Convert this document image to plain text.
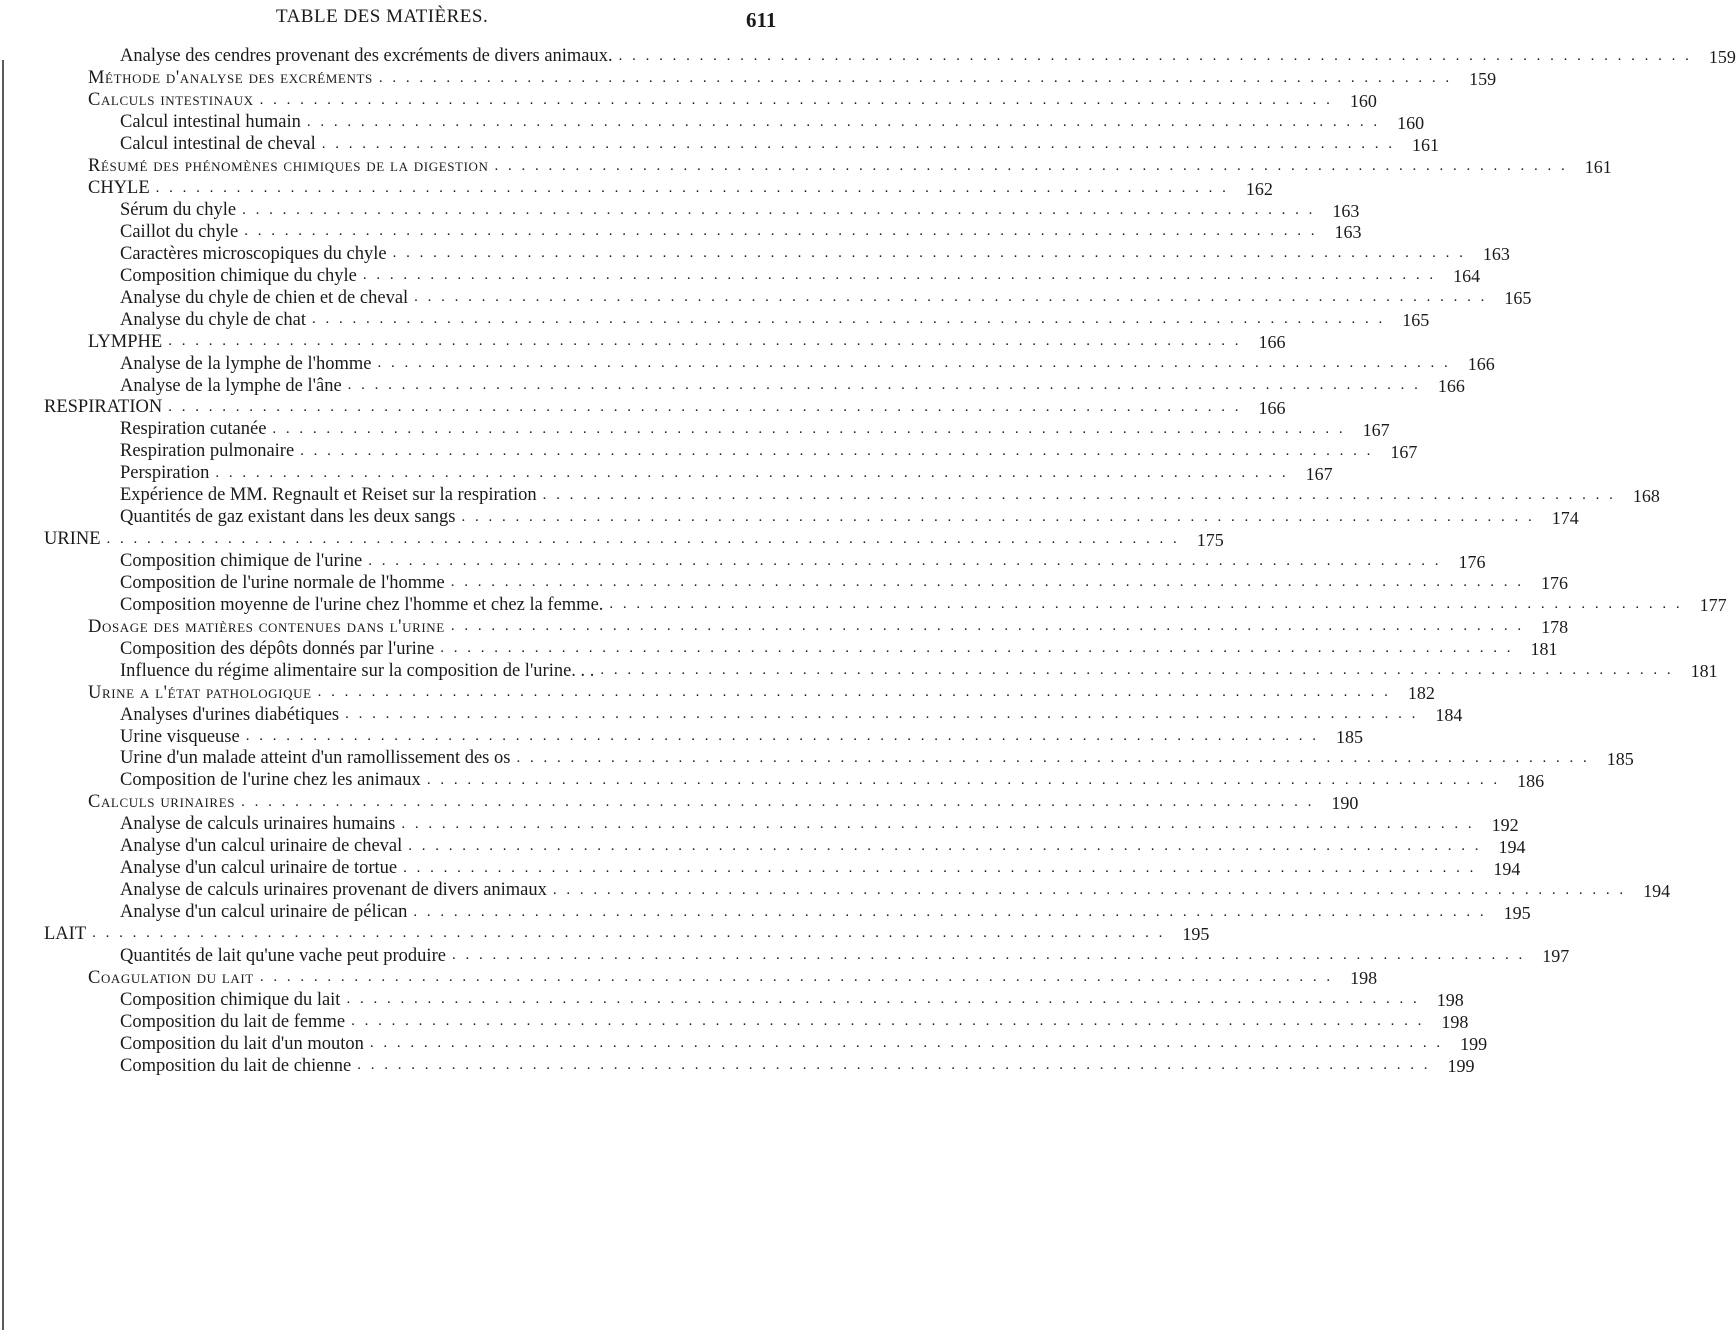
TABLE DES MATIÈRES.	611
Analyse des cendres provenant des excréments de divers animaux. . . . . . . . . . . . . . . . . . . . . . . . . . . . . . . . . . . . . . . . . . . . . . . . . . . . . . . . . . . . . . . . . . . . . . . . . . . . . . . . . 159
Méthode d'analyse des excréments . . . . . . . . . . . . . . . . . . . . . . . . . . . . . . . . . . . . . . . . . . . . . . . . . . . . . . . . . . . . . . . . . . . . . . . . . . . . . . . . 159
Calculs intestinaux . . . . . . . . . . . . . . . . . . . . . . . . . . . . . . . . . . . . . . . . . . . . . . . . . . . . . . . . . . . . . . . . . . . . . . . . . . . . . . . . 160
Calcul intestinal humain . . . . . . . . . . . . . . . . . . . . . . . . . . . . . . . . . . . . . . . . . . . . . . . . . . . . . . . . . . . . . . . . . . . . . . . . . . . . . . . . 160
Calcul intestinal de cheval . . . . . . . . . . . . . . . . . . . . . . . . . . . . . . . . . . . . . . . . . . . . . . . . . . . . . . . . . . . . . . . . . . . . . . . . . . . . . . . . 161
Résumé des phénomènes chimiques de la digestion . . . . . . . . . . . . . . . . . . . . . . . . . . . . . . . . . . . . . . . . . . . . . . . . . . . . . . . . . . . . . . . . . . . . . . . . . . . . . . . . 161
CHYLE . . . . . . . . . . . . . . . . . . . . . . . . . . . . . . . . . . . . . . . . . . . . . . . . . . . . . . . . . . . . . . . . . . . . . . . . . . . . . . . . 162
Sérum du chyle . . . . . . . . . . . . . . . . . . . . . . . . . . . . . . . . . . . . . . . . . . . . . . . . . . . . . . . . . . . . . . . . . . . . . . . . . . . . . . . . 163
Caillot du chyle . . . . . . . . . . . . . . . . . . . . . . . . . . . . . . . . . . . . . . . . . . . . . . . . . . . . . . . . . . . . . . . . . . . . . . . . . . . . . . . . 163
Caractères microscopiques du chyle . . . . . . . . . . . . . . . . . . . . . . . . . . . . . . . . . . . . . . . . . . . . . . . . . . . . . . . . . . . . . . . . . . . . . . . . . . . . . . . . 163
Composition chimique du chyle . . . . . . . . . . . . . . . . . . . . . . . . . . . . . . . . . . . . . . . . . . . . . . . . . . . . . . . . . . . . . . . . . . . . . . . . . . . . . . . . 164
Analyse du chyle de chien et de cheval . . . . . . . . . . . . . . . . . . . . . . . . . . . . . . . . . . . . . . . . . . . . . . . . . . . . . . . . . . . . . . . . . . . . . . . . . . . . . . . . 165
Analyse du chyle de chat . . . . . . . . . . . . . . . . . . . . . . . . . . . . . . . . . . . . . . . . . . . . . . . . . . . . . . . . . . . . . . . . . . . . . . . . . . . . . . . . 165
LYMPHE . . . . . . . . . . . . . . . . . . . . . . . . . . . . . . . . . . . . . . . . . . . . . . . . . . . . . . . . . . . . . . . . . . . . . . . . . . . . . . . . 166
Analyse de la lymphe de l'homme . . . . . . . . . . . . . . . . . . . . . . . . . . . . . . . . . . . . . . . . . . . . . . . . . . . . . . . . . . . . . . . . . . . . . . . . . . . . . . . . 166
Analyse de la lymphe de l'âne . . . . . . . . . . . . . . . . . . . . . . . . . . . . . . . . . . . . . . . . . . . . . . . . . . . . . . . . . . . . . . . . . . . . . . . . . . . . . . . . 166
RESPIRATION . . . . . . . . . . . . . . . . . . . . . . . . . . . . . . . . . . . . . . . . . . . . . . . . . . . . . . . . . . . . . . . . . . . . . . . . . . . . . . . . 166
Respiration cutanée . . . . . . . . . . . . . . . . . . . . . . . . . . . . . . . . . . . . . . . . . . . . . . . . . . . . . . . . . . . . . . . . . . . . . . . . . . . . . . . . 167
Respiration pulmonaire . . . . . . . . . . . . . . . . . . . . . . . . . . . . . . . . . . . . . . . . . . . . . . . . . . . . . . . . . . . . . . . . . . . . . . . . . . . . . . . . 167
Perspiration . . . . . . . . . . . . . . . . . . . . . . . . . . . . . . . . . . . . . . . . . . . . . . . . . . . . . . . . . . . . . . . . . . . . . . . . . . . . . . . . 167
Expérience de MM. Regnault et Reiset sur la respiration . . . . . . . . . . . . . . . . . . . . . . . . . . . . . . . . . . . . . . . . . . . . . . . . . . . . . . . . . . . . . . . . . . . . . . . . . . . . . . . . 168
Quantités de gaz existant dans les deux sangs . . . . . . . . . . . . . . . . . . . . . . . . . . . . . . . . . . . . . . . . . . . . . . . . . . . . . . . . . . . . . . . . . . . . . . . . . . . . . . . . 174
URINE . . . . . . . . . . . . . . . . . . . . . . . . . . . . . . . . . . . . . . . . . . . . . . . . . . . . . . . . . . . . . . . . . . . . . . . . . . . . . . . . 175
Composition chimique de l'urine . . . . . . . . . . . . . . . . . . . . . . . . . . . . . . . . . . . . . . . . . . . . . . . . . . . . . . . . . . . . . . . . . . . . . . . . . . . . . . . . 176
Composition de l'urine normale de l'homme . . . . . . . . . . . . . . . . . . . . . . . . . . . . . . . . . . . . . . . . . . . . . . . . . . . . . . . . . . . . . . . . . . . . . . . . . . . . . . . . 176
Composition moyenne de l'urine chez l'homme et chez la femme. . . . . . . . . . . . . . . . . . . . . . . . . . . . . . . . . . . . . . . . . . . . . . . . . . . . . . . . . . . . . . . . . . . . . . . . . . . . . . . . . 177
Dosage des matières contenues dans l'urine . . . . . . . . . . . . . . . . . . . . . . . . . . . . . . . . . . . . . . . . . . . . . . . . . . . . . . . . . . . . . . . . . . . . . . . . . . . . . . . . 178
Composition des dépôts donnés par l'urine . . . . . . . . . . . . . . . . . . . . . . . . . . . . . . . . . . . . . . . . . . . . . . . . . . . . . . . . . . . . . . . . . . . . . . . . . . . . . . . . 181
Influence du régime alimentaire sur la composition de l'urine. . . . . . . . . . . . . . . . . . . . . . . . . . . . . . . . . . . . . . . . . . . . . . . . . . . . . . . . . . . . . . . . . . . . . . . . . . . . . . . . . . . 181
Urine a l'état pathologique . . . . . . . . . . . . . . . . . . . . . . . . . . . . . . . . . . . . . . . . . . . . . . . . . . . . . . . . . . . . . . . . . . . . . . . . . . . . . . . . 182
Analyses d'urines diabétiques . . . . . . . . . . . . . . . . . . . . . . . . . . . . . . . . . . . . . . . . . . . . . . . . . . . . . . . . . . . . . . . . . . . . . . . . . . . . . . . . 184
Urine visqueuse . . . . . . . . . . . . . . . . . . . . . . . . . . . . . . . . . . . . . . . . . . . . . . . . . . . . . . . . . . . . . . . . . . . . . . . . . . . . . . . . 185
Urine d'un malade atteint d'un ramollissement des os . . . . . . . . . . . . . . . . . . . . . . . . . . . . . . . . . . . . . . . . . . . . . . . . . . . . . . . . . . . . . . . . . . . . . . . . . . . . . . . . 185
Composition de l'urine chez les animaux . . . . . . . . . . . . . . . . . . . . . . . . . . . . . . . . . . . . . . . . . . . . . . . . . . . . . . . . . . . . . . . . . . . . . . . . . . . . . . . . 186
Calculs urinaires . . . . . . . . . . . . . . . . . . . . . . . . . . . . . . . . . . . . . . . . . . . . . . . . . . . . . . . . . . . . . . . . . . . . . . . . . . . . . . . . 190
Analyse de calculs urinaires humains . . . . . . . . . . . . . . . . . . . . . . . . . . . . . . . . . . . . . . . . . . . . . . . . . . . . . . . . . . . . . . . . . . . . . . . . . . . . . . . . 192
Analyse d'un calcul urinaire de cheval . . . . . . . . . . . . . . . . . . . . . . . . . . . . . . . . . . . . . . . . . . . . . . . . . . . . . . . . . . . . . . . . . . . . . . . . . . . . . . . . 194
Analyse d'un calcul urinaire de tortue . . . . . . . . . . . . . . . . . . . . . . . . . . . . . . . . . . . . . . . . . . . . . . . . . . . . . . . . . . . . . . . . . . . . . . . . . . . . . . . . 194
Analyse de calculs urinaires provenant de divers animaux . . . . . . . . . . . . . . . . . . . . . . . . . . . . . . . . . . . . . . . . . . . . . . . . . . . . . . . . . . . . . . . . . . . . . . . . . . . . . . . . 194
Analyse d'un calcul urinaire de pélican . . . . . . . . . . . . . . . . . . . . . . . . . . . . . . . . . . . . . . . . . . . . . . . . . . . . . . . . . . . . . . . . . . . . . . . . . . . . . . . . 195
LAIT . . . . . . . . . . . . . . . . . . . . . . . . . . . . . . . . . . . . . . . . . . . . . . . . . . . . . . . . . . . . . . . . . . . . . . . . . . . . . . . . 195
Quantités de lait qu'une vache peut produire . . . . . . . . . . . . . . . . . . . . . . . . . . . . . . . . . . . . . . . . . . . . . . . . . . . . . . . . . . . . . . . . . . . . . . . . . . . . . . . . 197
Coagulation du lait . . . . . . . . . . . . . . . . . . . . . . . . . . . . . . . . . . . . . . . . . . . . . . . . . . . . . . . . . . . . . . . . . . . . . . . . . . . . . . . . 198
Composition chimique du lait . . . . . . . . . . . . . . . . . . . . . . . . . . . . . . . . . . . . . . . . . . . . . . . . . . . . . . . . . . . . . . . . . . . . . . . . . . . . . . . . 198
Composition du lait de femme . . . . . . . . . . . . . . . . . . . . . . . . . . . . . . . . . . . . . . . . . . . . . . . . . . . . . . . . . . . . . . . . . . . . . . . . . . . . . . . . 198
Composition du lait d'un mouton . . . . . . . . . . . . . . . . . . . . . . . . . . . . . . . . . . . . . . . . . . . . . . . . . . . . . . . . . . . . . . . . . . . . . . . . . . . . . . . . 199
Composition du lait de chienne . . . . . . . . . . . . . . . . . . . . . . . . . . . . . . . . . . . . . . . . . . . . . . . . . . . . . . . . . . . . . . . . . . . . . . . . . . . . . . . . 199
